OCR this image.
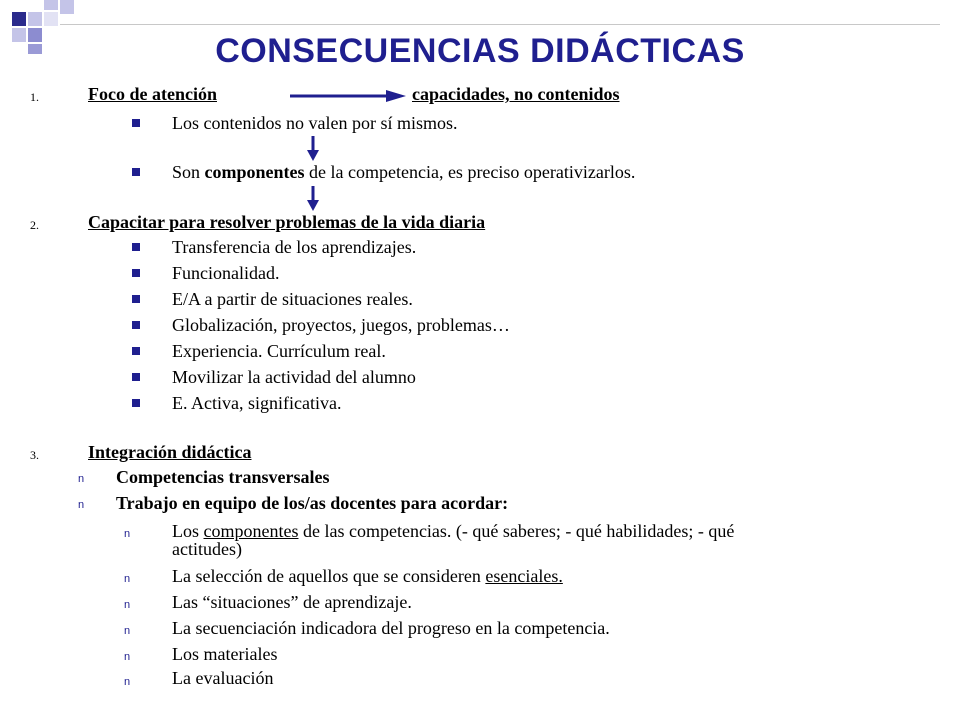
CONSECUENCIAS DIDÁCTICAS
1.	Foco de atención	capacidades, no contenidos
Los contenidos no valen por sí mismos.
Son componentes de la competencia, es preciso operativizarlos.
2.	Capacitar para resolver problemas de la vida diaria
Transferencia de los aprendizajes.
Funcionalidad.
E/A a partir de situaciones reales.
Globalización, proyectos, juegos, problemas…
Experiencia. Currículum real.
Movilizar la actividad del alumno
E. Activa, significativa.
3.	Integración didáctica
n Competencias transversales
n Trabajo en equipo de los/as docentes para acordar:
n Los componentes de las competencias. (- qué saberes; - qué habilidades; - qué
actitudes)
n La selección de aquellos que se consideren esenciales.
n Las “situaciones” de aprendizaje.
n La secuenciación indicadora del progreso en la competencia.
n Los materiales
n La evaluación
